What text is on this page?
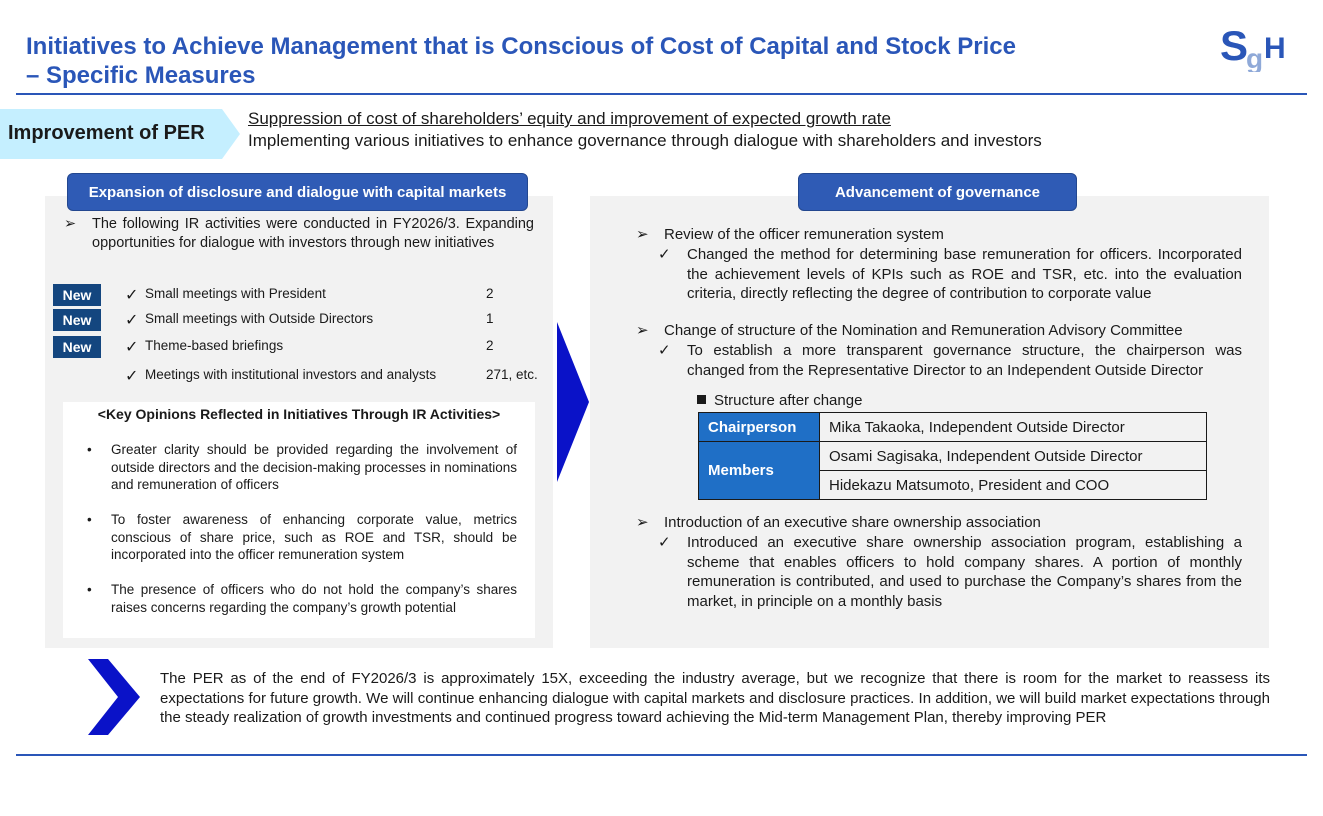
Initiatives to Achieve Management that is Conscious of Cost of Capital and Stock Price
– Specific Measures
S
g H
Improvement of PER
Suppression of cost of shareholders’ equity and improvement of expected growth rate
Implementing various initiatives to enhance governance through dialogue with shareholders and investors
Expansion of disclosure and dialogue with capital markets	Advancement of governance
➢	The following IR activities were conducted in FY2026/3. Expanding opportunities for dialogue with investors through new initiatives
New	✓ Small meetings with President	2
New	✓ Small meetings with Outside Directors	1
New	✓ Theme-based briefings	2
✓ Meetings with institutional investors and analysts	271, etc.
<Key Opinions Reflected in Initiatives Through IR Activities>
• Greater clarity should be provided regarding the involvement of outside directors and the decision-making processes in nominations and remuneration of officers
• To foster awareness of enhancing corporate value, metrics conscious of share price, such as ROE and TSR, should be incorporated into the officer remuneration system
• The presence of officers who do not hold the company’s shares raises concerns regarding the company’s growth potential
➢	Review of the officer remuneration system
✓	Changed the method for determining base remuneration for officers. Incorporated the achievement levels of KPIs such as ROE and TSR, etc. into the evaluation criteria, directly reflecting the degree of contribution to corporate value
➢	Change of structure of the Nomination and Remuneration Advisory Committee
✓	To establish a more transparent governance structure, the chairperson was changed from the Representative Director to an Independent Outside Director
Structure after change
Chairperson	Mika Takaoka, Independent Outside Director
Members	Osami Sagisaka, Independent Outside Director
	Hidekazu Matsumoto, President and COO
➢	Introduction of an executive share ownership association
✓	Introduced an executive share ownership association program, establishing a scheme that enables officers to hold company shares. A portion of monthly remuneration is contributed, and used to purchase the Company’s shares from the market, in principle on a monthly basis
The PER as of the end of FY2026/3 is approximately 15X, exceeding the industry average, but we recognize that there is room for the market to reassess its expectations for future growth. We will continue enhancing dialogue with capital markets and disclosure practices. In addition, we will build market expectations through the steady realization of growth investments and continued progress toward achieving the Mid-term Management Plan, thereby improving PER
